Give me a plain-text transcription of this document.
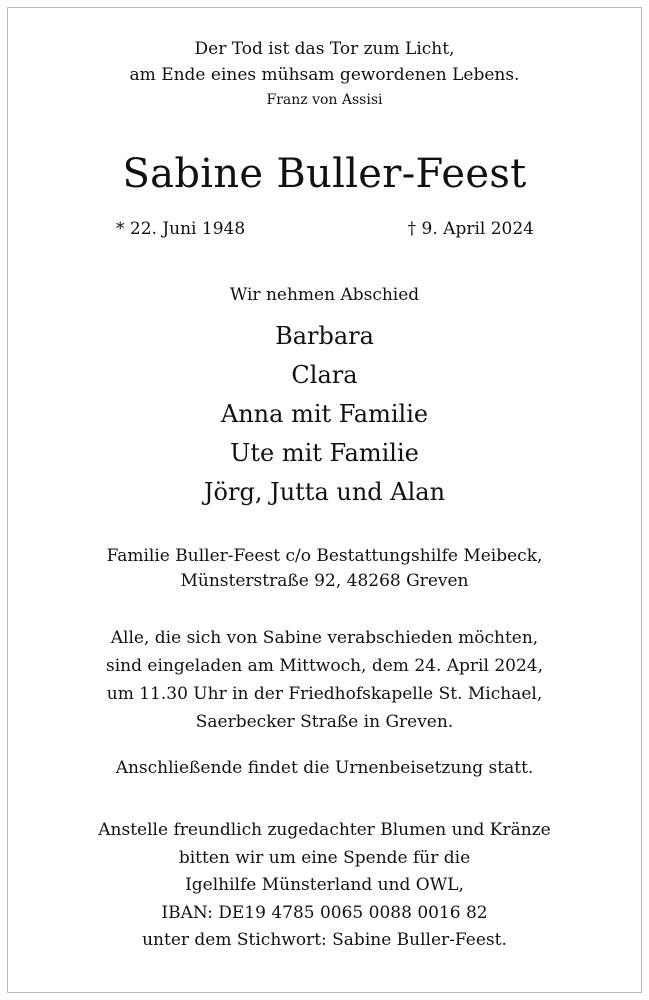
Der Tod ist das Tor zum Licht,

am Ende eines mühsam gewordenen Lebens.

Franz von Assisi

Sabine Buller-Feest

* 22. Juni 1948	† 9. April 2024

Wir nehmen Abschied

Barbara

Clara

Anna mit Familie

Ute mit Familie

Jörg, Jutta und Alan

Familie Buller-Feest c/o Bestattungshilfe Meibeck,

Münsterstraße 92, 48268 Greven

Alle, die sich von Sabine verabschieden möchten,

sind eingeladen am Mittwoch, dem 24. April 2024,

um 11.30 Uhr in der Friedhofskapelle St. Michael,

Saerbecker Straße in Greven.

Anschließende findet die Urnenbeisetzung statt.

Anstelle freundlich zugedachter Blumen und Kränze

bitten wir um eine Spende für die

Igelhilfe Münsterland und OWL,

IBAN: DE19 4785 0065 0088 0016 82

unter dem Stichwort: Sabine Buller-Feest.
